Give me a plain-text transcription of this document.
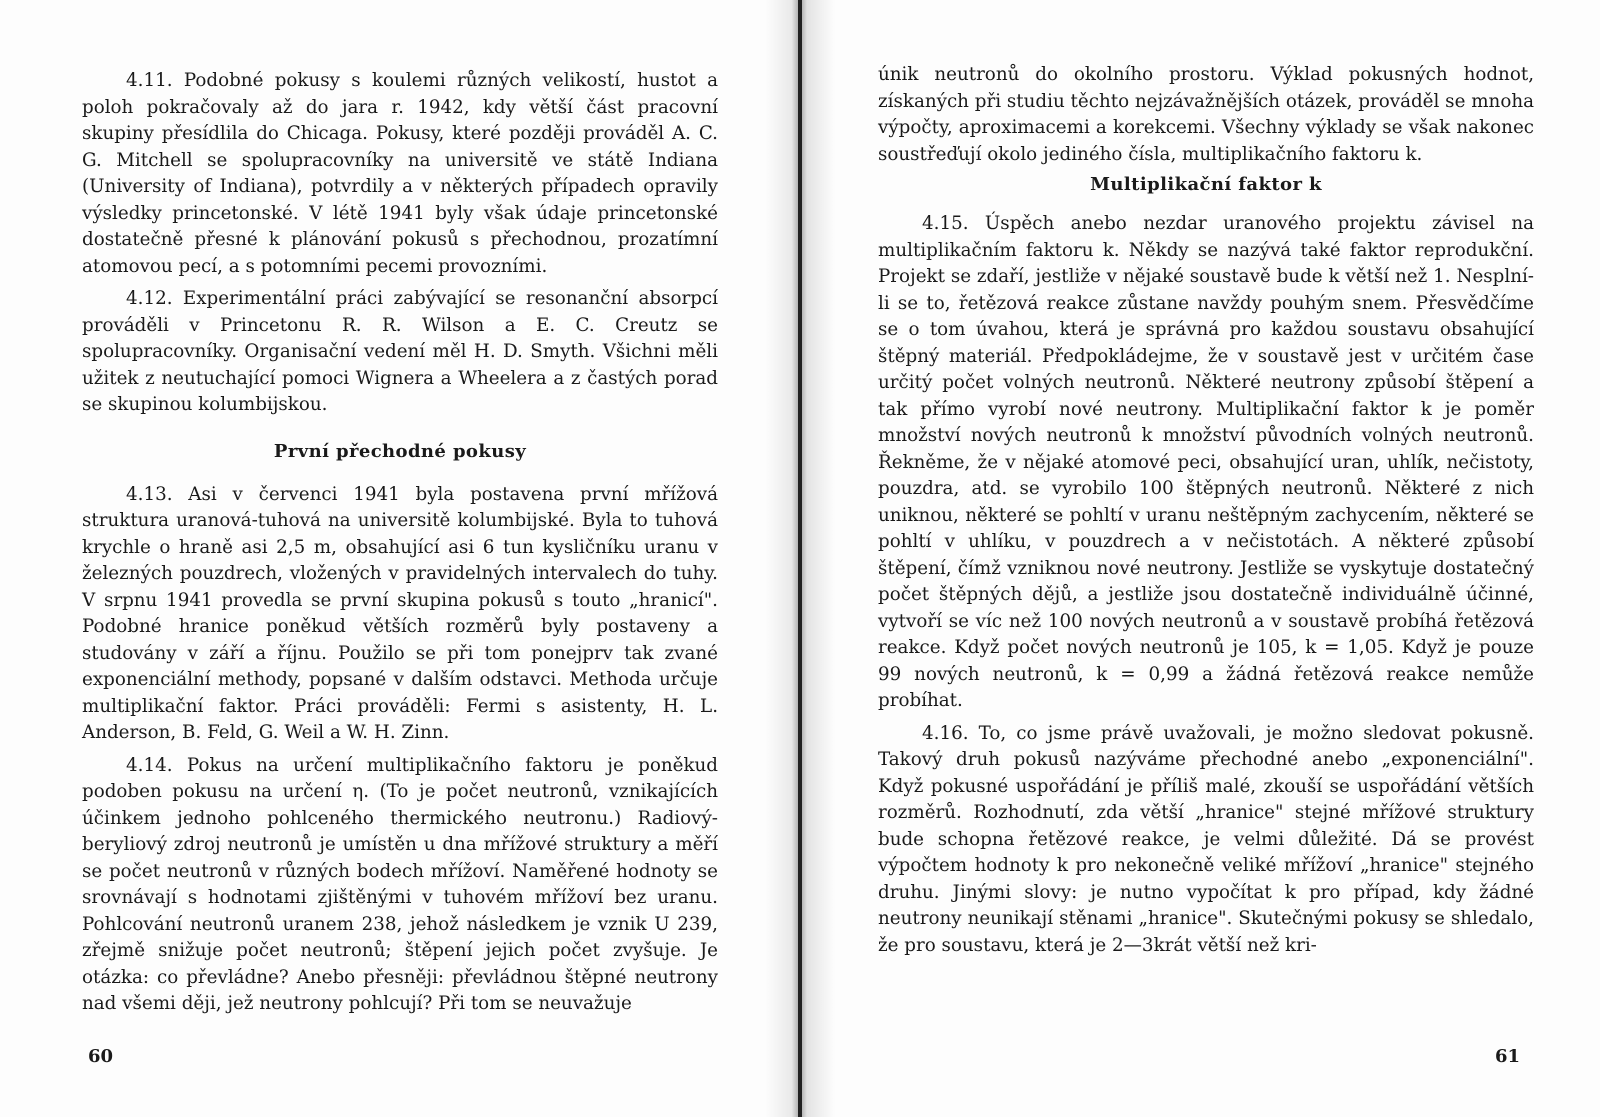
4.11. Podobné pokusy s koulemi různých velikostí, hustot a poloh pokračovaly až do jara r. 1942, kdy větší část pracovní skupiny přesídlila do Chicaga. Pokusy, které později prováděl A. C. G. Mitchell se spolupracovníky na universitě ve státě Indiana (University of Indiana), potvrdily a v některých případech opravily výsledky princetonské. V létě 1941 byly však údaje princetonské dostatečně přesné k plánování pokusů s přechodnou, prozatímní atomovou pecí, a s potomními pecemi provozními.

4.12. Experimentální práci zabývající se resonanční absorpcí prováděli v Princetonu R. R. Wilson a E. C. Creutz se spolupracovníky. Organisační vedení měl H. D. Smyth. Všichni měli užitek z neutuchající pomoci Wignera a Wheelera a z častých porad se skupinou kolumbijskou.

První přechodné pokusy

4.13. Asi v červenci 1941 byla postavena první mřížová struktura uranová-tuhová na universitě kolumbijské. Byla to tuhová krychle o hraně asi 2,5 m, obsahující asi 6 tun kysličníku uranu v železných pouzdrech, vložených v pravidelných intervalech do tuhy. V srpnu 1941 provedla se první skupina pokusů s touto „hranicí". Podobné hranice poněkud větších rozměrů byly postaveny a studovány v září a říjnu. Použilo se při tom ponejprv tak zvané exponenciální methody, popsané v dalším odstavci. Methoda určuje multiplikační faktor. Práci prováděli: Fermi s asistenty, H. L. Anderson, B. Feld, G. Weil a W. H. Zinn.

4.14. Pokus na určení multiplikačního faktoru je poněkud podoben pokusu na určení η. (To je počet neutronů, vznikajících účinkem jednoho pohlceného thermického neutronu.) Radiový-beryliový zdroj neutronů je umístěn u dna mřížové struktury a měří se počet neutronů v různých bodech mřížoví. Naměřené hodnoty se srovnávají s hodnotami zjištěnými v tuhovém mřížoví bez uranu. Pohlcování neutronů uranem 238, jehož následkem je vznik U 239, zřejmě snižuje počet neutronů; štěpení jejich počet zvyšuje. Je otázka: co převládne? Anebo přesněji: převládnou štěpné neutrony nad všemi ději, jež neutrony pohlcují? Při tom se neuvažuje

60

únik neutronů do okolního prostoru. Výklad pokusných hodnot, získaných při studiu těchto nejzávažnějších otázek, prováděl se mnoha výpočty, aproximacemi a korekcemi. Všechny výklady se však nakonec soustřeďují okolo jediného čísla, multiplikačního faktoru k.

Multiplikační faktor k

4.15. Úspěch anebo nezdar uranového projektu závisel na multiplikačním faktoru k. Někdy se nazývá také faktor reprodukční. Projekt se zdaří, jestliže v nějaké soustavě bude k větší než 1. Nesplní-li se to, řetězová reakce zůstane navždy pouhým snem. Přesvědčíme se o tom úvahou, která je správná pro každou soustavu obsahující štěpný materiál. Předpokládejme, že v soustavě jest v určitém čase určitý počet volných neutronů. Některé neutrony způsobí štěpení a tak přímo vyrobí nové neutrony. Multiplikační faktor k je poměr množství nových neutronů k množství původních volných neutronů. Řekněme, že v nějaké atomové peci, obsahující uran, uhlík, nečistoty, pouzdra, atd. se vyrobilo 100 štěpných neutronů. Některé z nich uniknou, některé se pohltí v uranu neštěpným zachycením, některé se pohltí v uhlíku, v pouzdrech a v nečistotách. A některé způsobí štěpení, čímž vzniknou nové neutrony. Jestliže se vyskytuje dostatečný počet štěpných dějů, a jestliže jsou dostatečně individuálně účinné, vytvoří se víc než 100 nových neutronů a v soustavě probíhá řetězová reakce. Když počet nových neutronů je 105, k = 1,05. Když je pouze 99 nových neutronů, k = 0,99 a žádná řetězová reakce nemůže probíhat.

4.16. To, co jsme právě uvažovali, je možno sledovat pokusně. Takový druh pokusů nazýváme přechodné anebo „exponenciální". Když pokusné uspořádání je příliš malé, zkouší se uspořádání větších rozměrů. Rozhodnutí, zda větší „hranice" stejné mřížové struktury bude schopna řetězové reakce, je velmi důležité. Dá se provést výpočtem hodnoty k pro nekonečně veliké mřížoví „hranice" stejného druhu. Jinými slovy: je nutno vypočítat k pro případ, kdy žádné neutrony neunikají stěnami „hranice". Skutečnými pokusy se shledalo, že pro soustavu, která je 2—3krát větší než kri-

61
